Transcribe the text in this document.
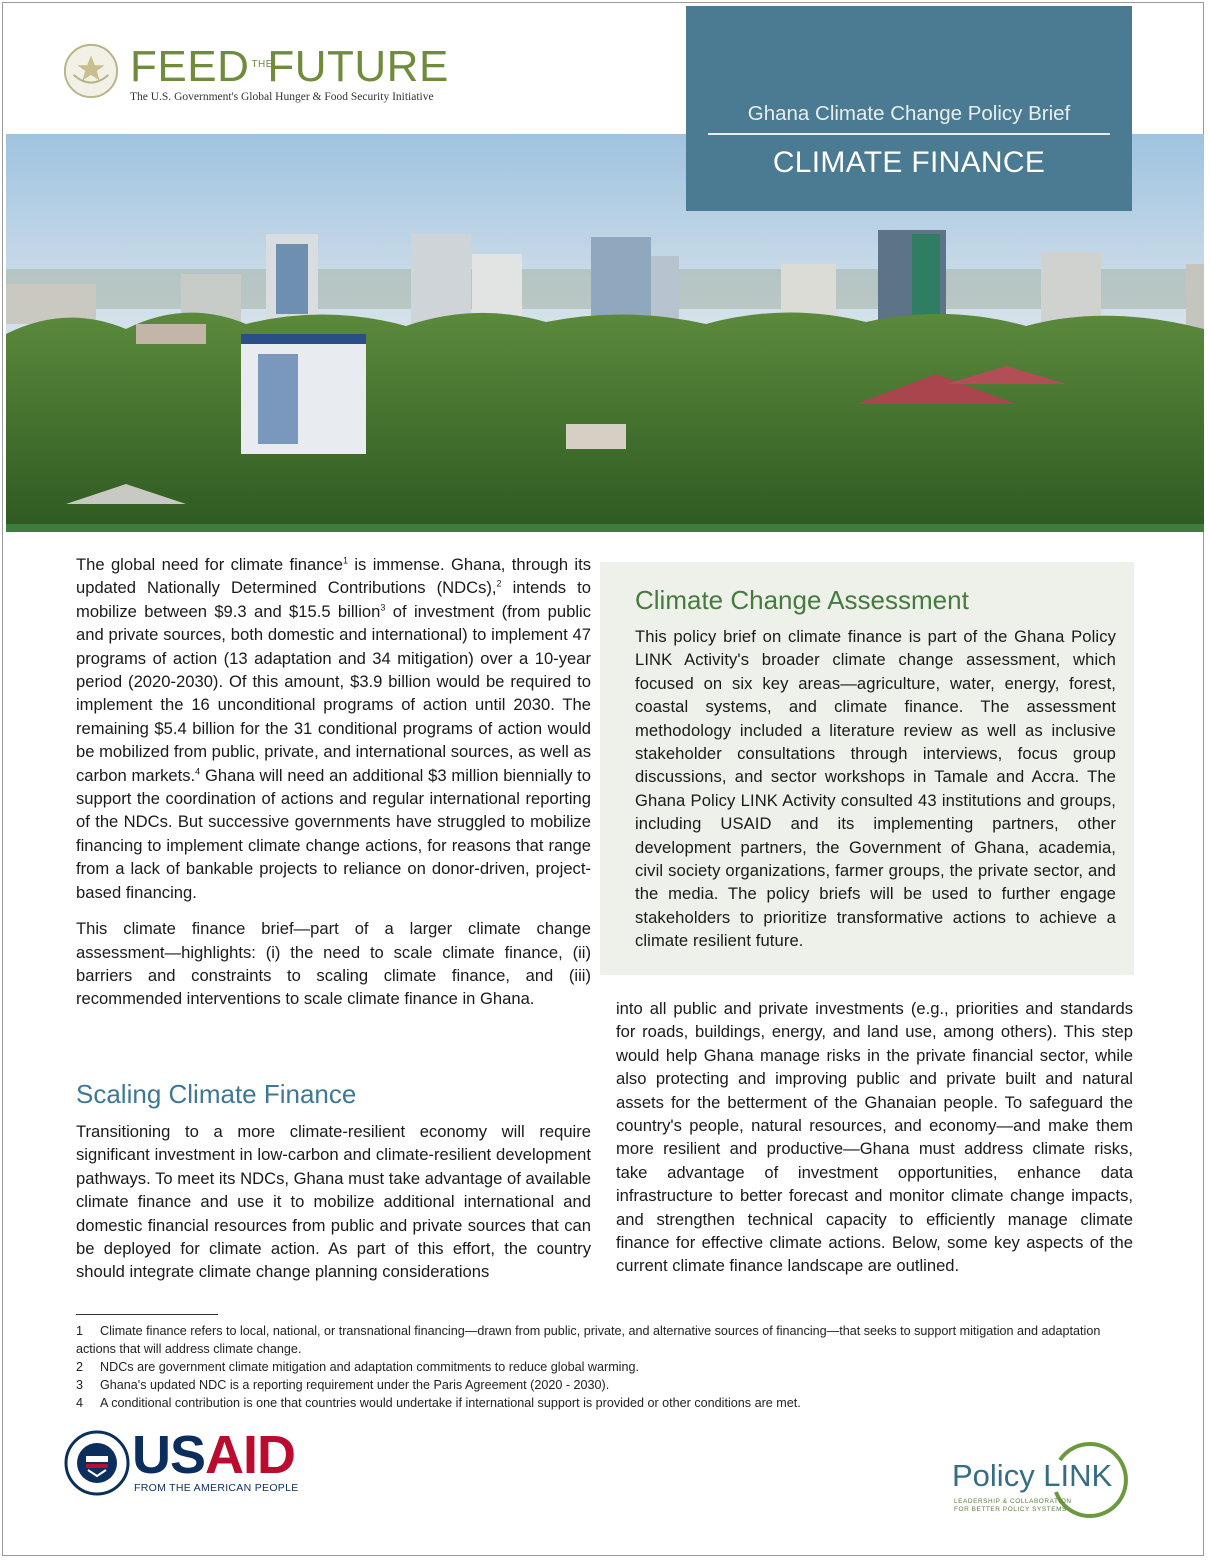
FEED THEFUTURE
The U.S. Government's Global Hunger & Food Security Initiative
Ghana Climate Change Policy Brief
CLIMATE FINANCE

The global need for climate finance$^1$ is immense. Ghana, through its updated Nationally Determined Contributions (NDCs),$^2$ intends to mobilize between $9.3 and $15.5 billion$^3$ of investment (from public and private sources, both domestic and international) to implement 47 programs of action (13 adaptation and 34 mitigation) over a 10-year period (2020-2030). Of this amount, $3.9 billion would be required to implement the 16 unconditional programs of action until 2030. The remaining $5.4 billion for the 31 conditional programs of action would be mobilized from public, private, and international sources, as well as carbon markets.$^4$ Ghana will need an additional $3 million biennially to support the coordination of actions and regular international reporting of the NDCs. But successive governments have struggled to mobilize financing to implement climate change actions, for reasons that range from a lack of bankable projects to reliance on donor-driven, project-based financing.

This climate finance brief—part of a larger climate change assessment—highlights: (i) the need to scale climate finance, (ii) barriers and constraints to scaling climate finance, and (iii) recommended interventions to scale climate finance in Ghana.

Scaling Climate Finance
Transitioning to a more climate-resilient economy will require significant investment in low-carbon and climate-resilient development pathways. To meet its NDCs, Ghana must take advantage of available climate finance and use it to mobilize additional international and domestic financial resources from public and private sources that can be deployed for climate action. As part of this effort, the country should integrate climate change planning considerations
Climate Change Assessment
This policy brief on climate finance is part of the Ghana Policy LINK Activity's broader climate change assessment, which focused on six key areas—agriculture, water, energy, forest, coastal systems, and climate finance. The assessment methodology included a literature review as well as inclusive stakeholder consultations through interviews, focus group discussions, and sector workshops in Tamale and Accra. The Ghana Policy LINK Activity consulted 43 institutions and groups, including USAID and its implementing partners, other development partners, the Government of Ghana, academia, civil society organizations, farmer groups, the private sector, and the media. The policy briefs will be used to further engage stakeholders to prioritize transformative actions to achieve a climate resilient future.
into all public and private investments (e.g., priorities and standards for roads, buildings, energy, and land use, among others). This step would help Ghana manage risks in the private financial sector, while also protecting and improving public and private built and natural assets for the betterment of the Ghanaian people. To safeguard the country's people, natural resources, and economy—and make them more resilient and productive—Ghana must address climate risks, take advantage of investment opportunities, enhance data infrastructure to better forecast and monitor climate change impacts, and strengthen technical capacity to efficiently manage climate finance for effective climate actions. Below, some key aspects of the current climate finance landscape are outlined.

1 Climate finance refers to local, national, or transnational financing—drawn from public, private, and alternative sources of financing—that seeks to support mitigation and adaptation actions that will address climate change.

2 NDCs are government climate mitigation and adaptation commitments to reduce global warming.

3 Ghana's updated NDC is a reporting requirement under the Paris Agreement (2020 - 2030).

4 A conditional contribution is one that countries would undertake if international support is provided or other conditions are met.

USAID
FROM THE AMERICAN PEOPLE	Policy LINK
LEADERSHIP & COLLABORATION
FOR BETTER POLICY SYSTEMS
